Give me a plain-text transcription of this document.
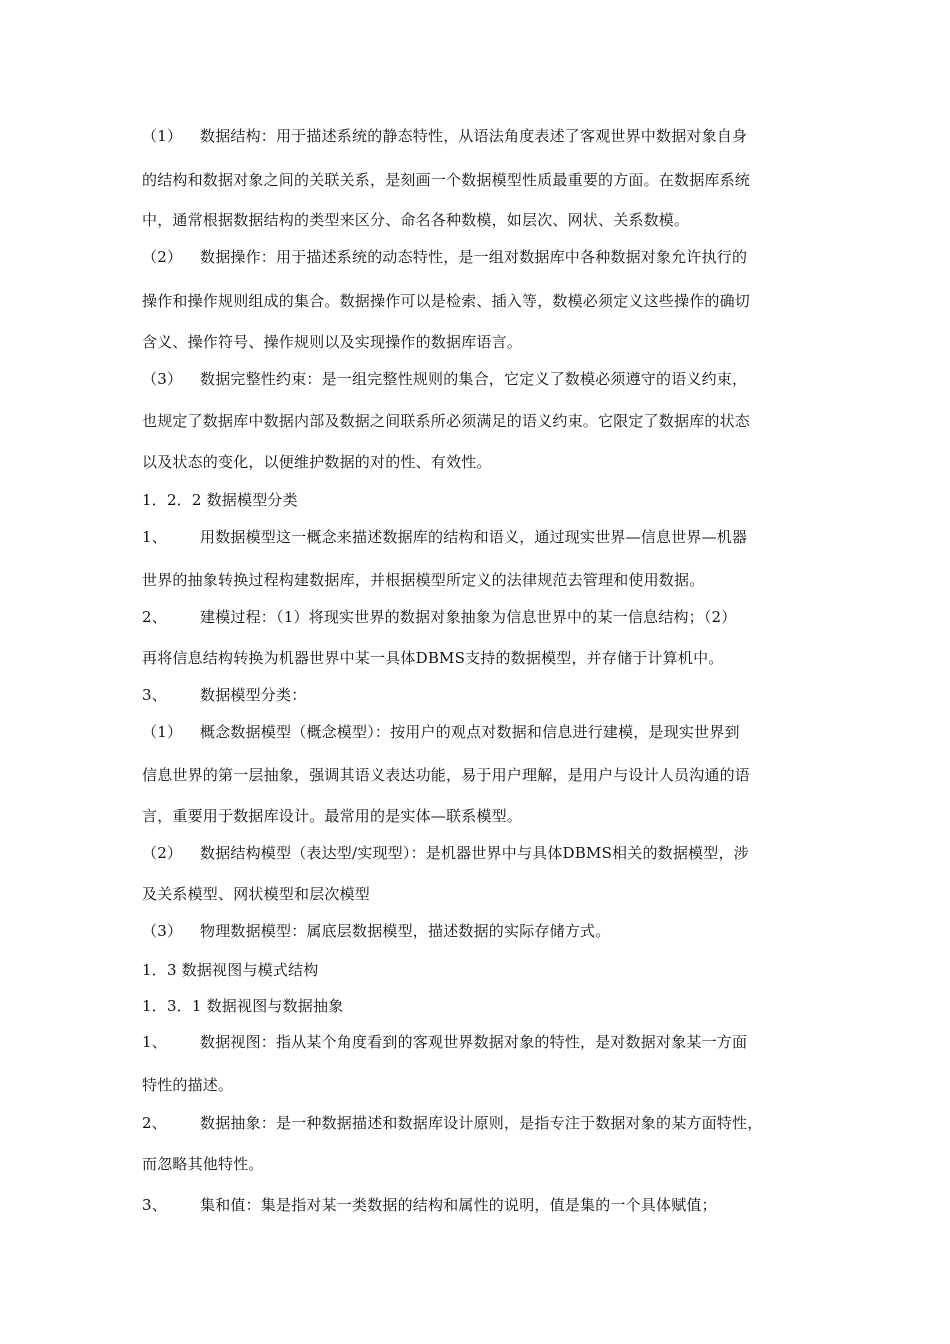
（1） 数据结构：用于描述系统的静态特性，从语法角度表述了客观世界中数据对象自身
的结构和数据对象之间的关联关系，是刻画一个数据模型性质最重要的方面。在数据库系统
中，通常根据数据结构的类型来区分、命名各种数模，如层次、网状、关系数模。
（2） 数据操作：用于描述系统的动态特性，是一组对数据库中各种数据对象允许执行的
操作和操作规则组成的集合。数据操作可以是检索、插入等，数模必须定义这些操作的确切
含义、操作符号、操作规则以及实现操作的数据库语言。
（3） 数据完整性约束：是一组完整性规则的集合，它定义了数模必须遵守的语义约束，
也规定了数据库中数据内部及数据之间联系所必须满足的语义约束。它限定了数据库的状态
以及状态的变化，以便维护数据的对的性、有效性。
1．2．2 数据模型分类
1、 用数据模型这一概念来描述数据库的结构和语义，通过现实世界—信息世界—机器
世界的抽象转换过程构建数据库，并根据模型所定义的法律规范去管理和使用数据。
2、 建模过程：（1）将现实世界的数据对象抽象为信息世界中的某一信息结构；（2）
再将信息结构转换为机器世界中某一具体DBMS支持的数据模型，并存储于计算机中。
3、 数据模型分类：
（1） 概念数据模型（概念模型）：按用户的观点对数据和信息进行建模，是现实世界到
信息世界的第一层抽象，强调其语义表达功能，易于用户理解，是用户与设计人员沟通的语
言，重要用于数据库设计。最常用的是实体—联系模型。
（2） 数据结构模型（表达型/实现型）：是机器世界中与具体DBMS相关的数据模型，涉
及关系模型、网状模型和层次模型
（3） 物理数据模型：属底层数据模型，描述数据的实际存储方式。
1．3 数据视图与模式结构
1．3．1 数据视图与数据抽象
1、 数据视图：指从某个角度看到的客观世界数据对象的特性，是对数据对象某一方面
特性的描述。
2、 数据抽象：是一种数据描述和数据库设计原则，是指专注于数据对象的某方面特性，
而忽略其他特性。
3、 集和值：集是指对某一类数据的结构和属性的说明，值是集的一个具体赋值；
